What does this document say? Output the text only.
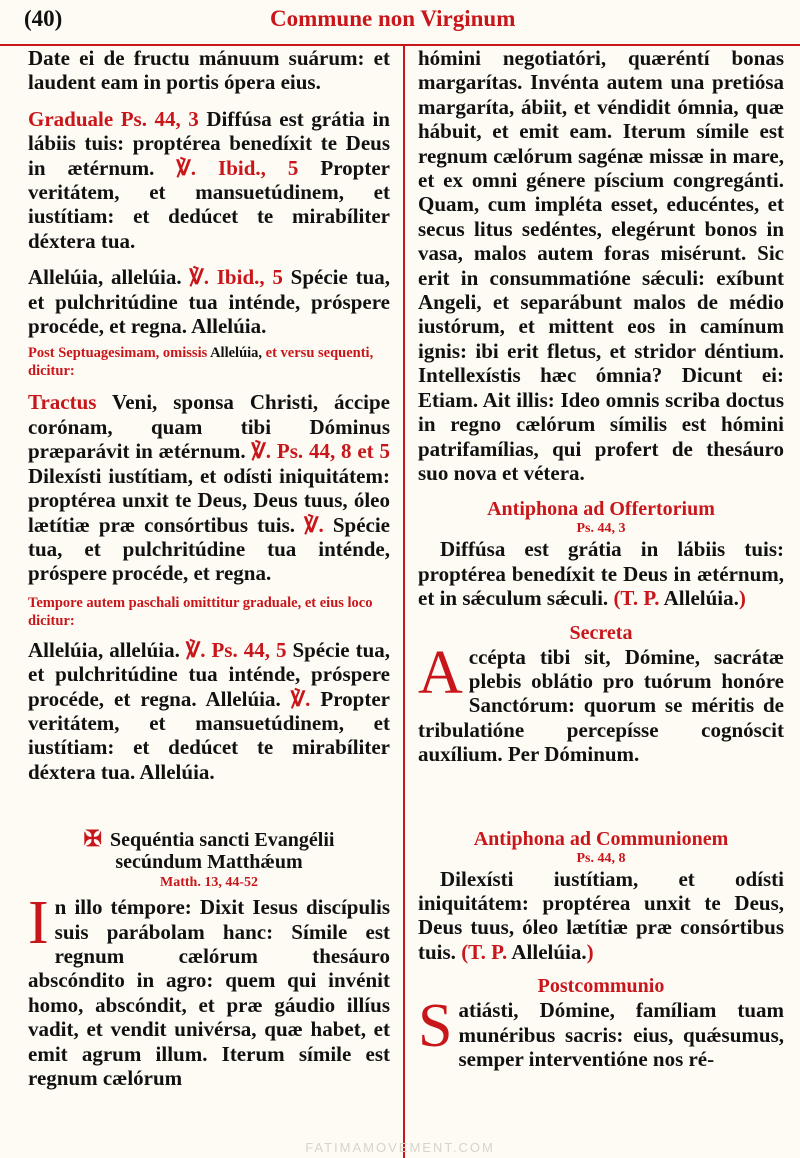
(40)	Commune non Virginum

Date ei de fructu mánuum suárum: et laudent eam in portis ópera eius.

Graduale Ps. 44, 3 Diffúsa est grátia in lábiis tuis: proptérea benedíxit te Deus in ætérnum. ℣. Ibid., 5 Propter veritátem, et mansuetúdinem, et iustítiam: et dedúcet te mirabíliter déxtera tua.

Allelúia, allelúia. ℣. Ibid., 5 Spécie tua, et pulchritúdine tua inténde, próspere procéde, et regna. Allelúia.

Post Septuagesimam, omissis Allelúia, et versu sequenti, dicitur:

Tractus Veni, sponsa Christi, áccipe corónam, quam tibi Dóminus præparávit in ætérnum. ℣. Ps. 44, 8 et 5 Dilexísti iustítiam, et odísti iniquitátem: proptérea unxit te Deus, Deus tuus, óleo lætítiæ præ consórtibus tuis. ℣. Spécie tua, et pulchritúdine tua inténde, próspere procéde, et regna.

Tempore autem paschali omittitur graduale, et eius loco dicitur:

Allelúia, allelúia. ℣. Ps. 44, 5 Spécie tua, et pulchritúdine tua inténde, próspere procéde, et regna. Allelúia. ℣. Propter veritátem, et mansuetúdinem, et iustítiam: et dedúcet te mirabíliter déxtera tua. Allelúia.

✠ Sequéntia sancti Evangélii
secúndum Matthǽum

Matth. 13, 44-52

In illo témpore: Dixit Iesus discípulis suis parábolam hanc: Símile est regnum cælórum thesáuro abscóndito in agro: quem qui invénit homo, abscóndit, et præ gáudio illíus vadit, et vendit univérsa, quæ habet, et emit agrum illum. Iterum símile est regnum cælórum

hómini negotiatóri, quæréntí bonas margarítas. Invénta autem una pretiósa margaríta, ábiit, et véndidit ómnia, quæ hábuit, et emit eam. Iterum símile est regnum cælórum sagénæ missæ in mare, et ex omni génere píscium congregánti. Quam, cum impléta esset, educéntes, et secus litus sedéntes, elegérunt bonos in vasa, malos autem foras misérunt. Sic erit in consummatióne sǽculi: exíbunt Angeli, et separábunt malos de médio iustórum, et mittent eos in camínum ignis: ibi erit fletus, et stridor déntium. Intellexístis hæc ómnia? Dicunt ei: Etiam. Ait illis: Ideo omnis scriba doctus in regno cælórum símilis est hómini patrifamílias, qui profert de thesáuro suo nova et vétera.

Antiphona ad Offertorium

Ps. 44, 3

Diffúsa est grátia in lábiis tuis: proptérea benedíxit te Deus in ætérnum, et in sǽculum sǽculi. (T. P. Allelúia.)

Secreta

Accépta tibi sit, Dómine, sacrátæ plebis oblátio pro tuórum honóre Sanctórum: quorum se méritis de tribulatióne percepísse cognóscit auxílium. Per Dóminum.

Antiphona ad Communionem

Ps. 44, 8

Dilexísti iustítiam, et odísti iniquitátem: proptérea unxit te Deus, Deus tuus, óleo lætítiæ præ consórtibus tuis. (T. P. Allelúia.)

Postcommunio

Satiásti, Dómine, famíliam tuam munéribus sacris: eius, quǽsumus, semper interventióne nos ré-

FATIMAMOVEMENT.COM
